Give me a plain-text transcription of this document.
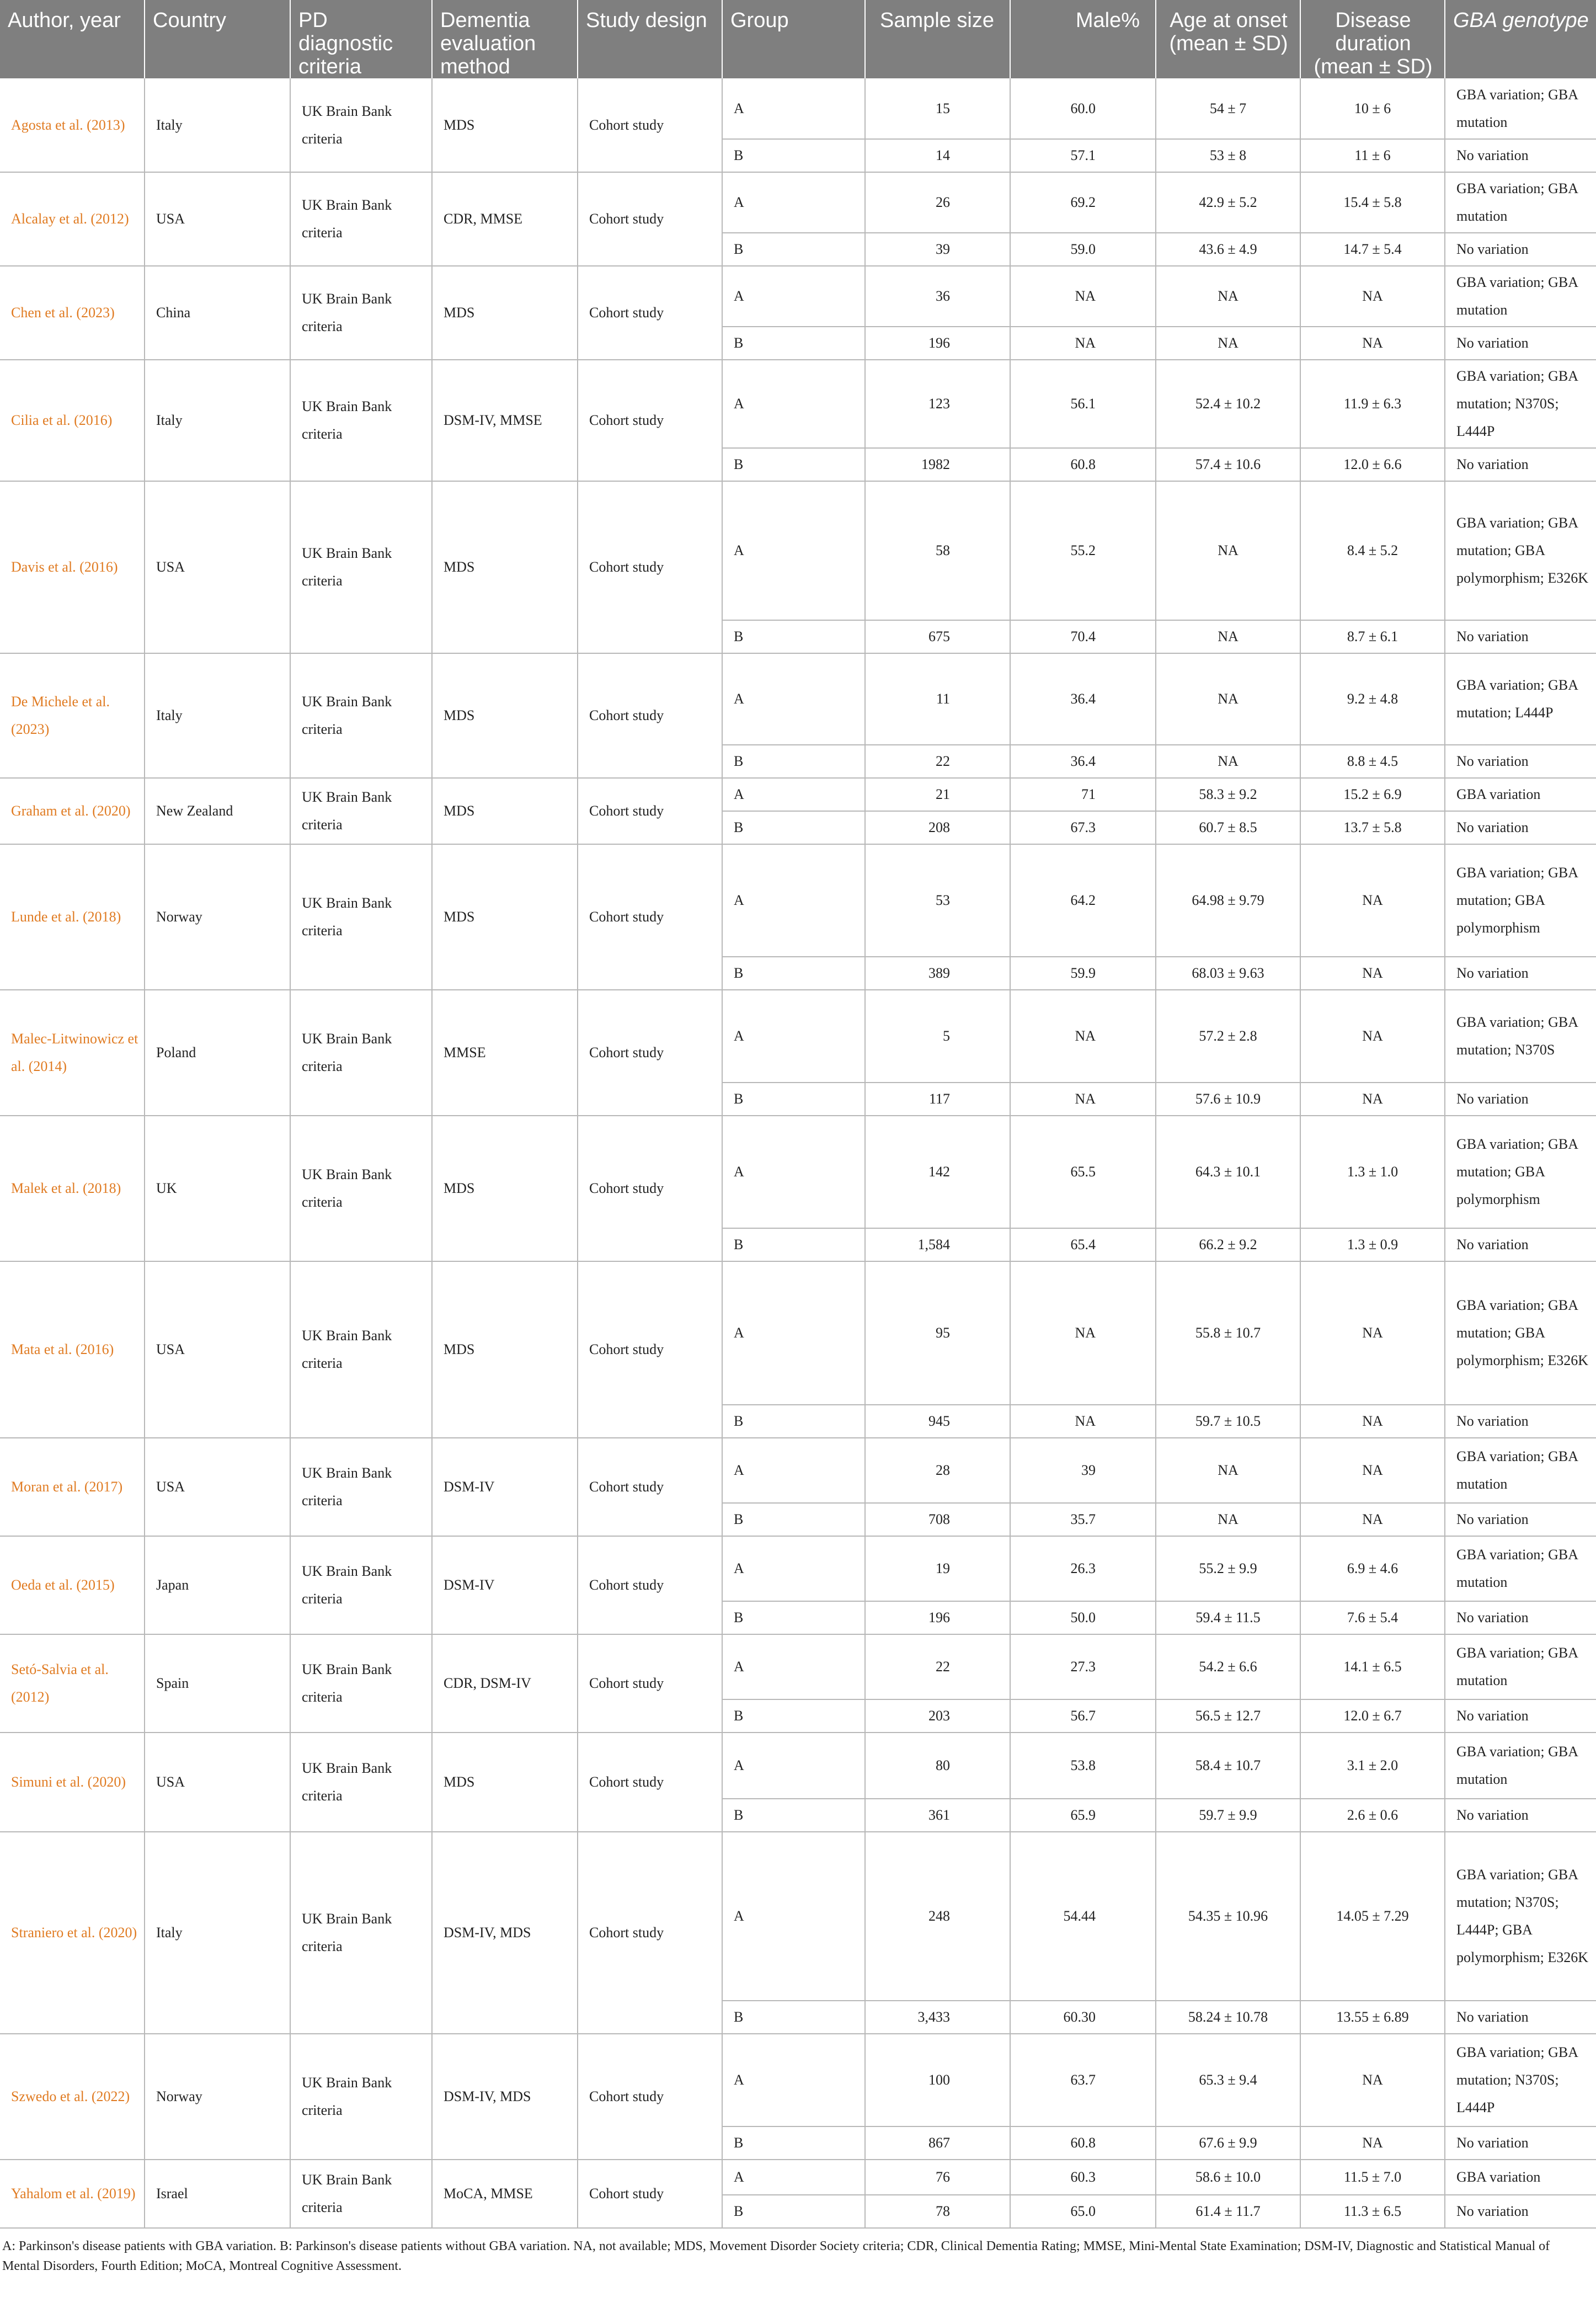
Author, year	Country	PD diagnostic criteria	Dementia evaluation method	Study design	Group	Sample size	Male%	Age at onset (mean ± SD)	Disease duration (mean ± SD)	GBA genotype
Agosta et al. (2013)	Italy	UK Brain Bank criteria	MDS	Cohort study	A	15	60.0	54 ± 7	10 ± 6	GBA variation; GBA mutation
					B	14	57.1	53 ± 8	11 ± 6	No variation
Alcalay et al. (2012)	USA	UK Brain Bank criteria	CDR, MMSE	Cohort study	A	26	69.2	42.9 ± 5.2	15.4 ± 5.8	GBA variation; GBA mutation
					B	39	59.0	43.6 ± 4.9	14.7 ± 5.4	No variation
Chen et al. (2023)	China	UK Brain Bank criteria	MDS	Cohort study	A	36	NA	NA	NA	GBA variation; GBA mutation
					B	196	NA	NA	NA	No variation
Cilia et al. (2016)	Italy	UK Brain Bank criteria	DSM-IV, MMSE	Cohort study	A	123	56.1	52.4 ± 10.2	11.9 ± 6.3	GBA variation; GBA mutation; N370S; L444P
					B	1982	60.8	57.4 ± 10.6	12.0 ± 6.6	No variation
Davis et al. (2016)	USA	UK Brain Bank criteria	MDS	Cohort study	A	58	55.2	NA	8.4 ± 5.2	GBA variation; GBA mutation; GBA polymorphism; E326K
					B	675	70.4	NA	8.7 ± 6.1	No variation
De Michele et al. (2023)	Italy	UK Brain Bank criteria	MDS	Cohort study	A	11	36.4	NA	9.2 ± 4.8	GBA variation; GBA mutation; L444P
					B	22	36.4	NA	8.8 ± 4.5	No variation
Graham et al. (2020)	New Zealand	UK Brain Bank criteria	MDS	Cohort study	A	21	71	58.3 ± 9.2	15.2 ± 6.9	GBA variation
					B	208	67.3	60.7 ± 8.5	13.7 ± 5.8	No variation
Lunde et al. (2018)	Norway	UK Brain Bank criteria	MDS	Cohort study	A	53	64.2	64.98 ± 9.79	NA	GBA variation; GBA mutation; GBA polymorphism
					B	389	59.9	68.03 ± 9.63	NA	No variation
Malec-Litwinowicz et al. (2014)	Poland	UK Brain Bank criteria	MMSE	Cohort study	A	5	NA	57.2 ± 2.8	NA	GBA variation; GBA mutation; N370S
					B	117	NA	57.6 ± 10.9	NA	No variation
Malek et al. (2018)	UK	UK Brain Bank criteria	MDS	Cohort study	A	142	65.5	64.3 ± 10.1	1.3 ± 1.0	GBA variation; GBA mutation; GBA polymorphism
					B	1,584	65.4	66.2 ± 9.2	1.3 ± 0.9	No variation
Mata et al. (2016)	USA	UK Brain Bank criteria	MDS	Cohort study	A	95	NA	55.8 ± 10.7	NA	GBA variation; GBA mutation; GBA polymorphism; E326K
					B	945	NA	59.7 ± 10.5	NA	No variation
Moran et al. (2017)	USA	UK Brain Bank criteria	DSM-IV	Cohort study	A	28	39	NA	NA	GBA variation; GBA mutation
					B	708	35.7	NA	NA	No variation
Oeda et al. (2015)	Japan	UK Brain Bank criteria	DSM-IV	Cohort study	A	19	26.3	55.2 ± 9.9	6.9 ± 4.6	GBA variation; GBA mutation
					B	196	50.0	59.4 ± 11.5	7.6 ± 5.4	No variation
Setó-Salvia et al. (2012)	Spain	UK Brain Bank criteria	CDR, DSM-IV	Cohort study	A	22	27.3	54.2 ± 6.6	14.1 ± 6.5	GBA variation; GBA mutation
					B	203	56.7	56.5 ± 12.7	12.0 ± 6.7	No variation
Simuni et al. (2020)	USA	UK Brain Bank criteria	MDS	Cohort study	A	80	53.8	58.4 ± 10.7	3.1 ± 2.0	GBA variation; GBA mutation
					B	361	65.9	59.7 ± 9.9	2.6 ± 0.6	No variation
Straniero et al. (2020)	Italy	UK Brain Bank criteria	DSM-IV, MDS	Cohort study	A	248	54.44	54.35 ± 10.96	14.05 ± 7.29	GBA variation; GBA mutation; N370S; L444P; GBA polymorphism; E326K
					B	3,433	60.30	58.24 ± 10.78	13.55 ± 6.89	No variation
Szwedo et al. (2022)	Norway	UK Brain Bank criteria	DSM-IV, MDS	Cohort study	A	100	63.7	65.3 ± 9.4	NA	GBA variation; GBA mutation; N370S; L444P
					B	867	60.8	67.6 ± 9.9	NA	No variation
Yahalom et al. (2019)	Israel	UK Brain Bank criteria	MoCA, MMSE	Cohort study	A	76	60.3	58.6 ± 10.0	11.5 ± 7.0	GBA variation
					B	78	65.0	61.4 ± 11.7	11.3 ± 6.5	No variation
A: Parkinson's disease patients with GBA variation. B: Parkinson's disease patients without GBA variation. NA, not available; MDS, Movement Disorder Society criteria; CDR, Clinical Dementia Rating; MMSE, Mini-Mental State Examination; DSM-IV, Diagnostic and Statistical Manual of Mental Disorders, Fourth Edition; MoCA, Montreal Cognitive Assessment.
